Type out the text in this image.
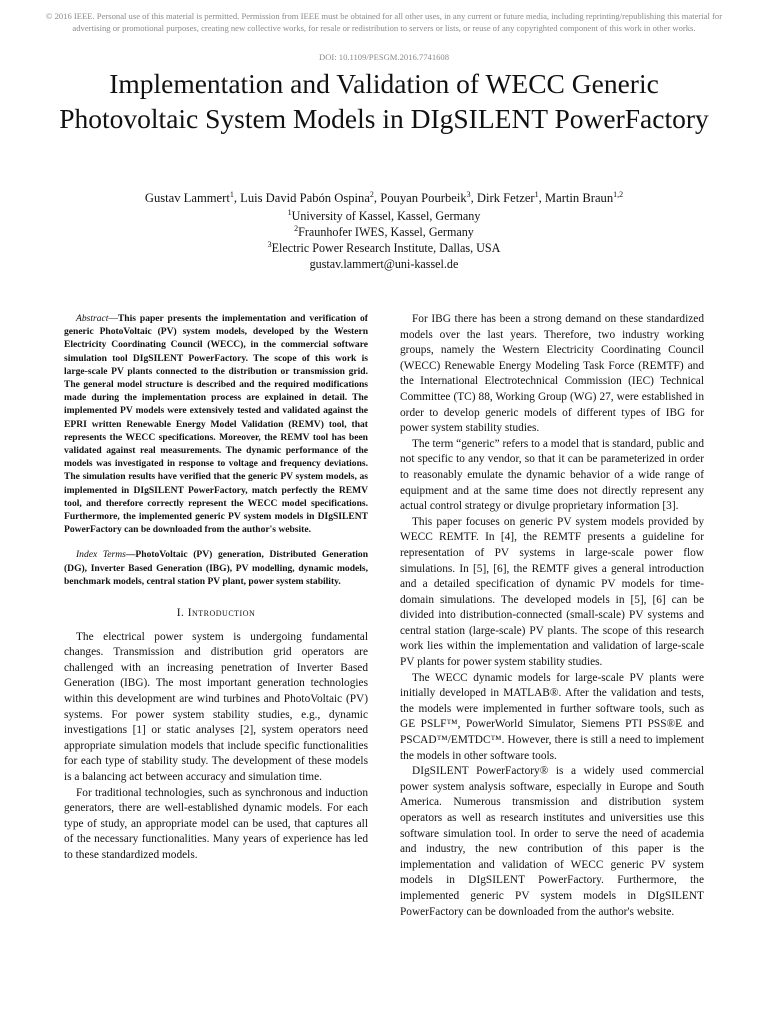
© 2016 IEEE. Personal use of this material is permitted. Permission from IEEE must be obtained for all other uses, in any current or future media, including reprinting/republishing this material for advertising or promotional purposes, creating new collective works, for resale or redistribution to servers or lists, or reuse of any copyrighted component of this work in other works.
DOI: 10.1109/PESGM.2016.7741608
Implementation and Validation of WECC Generic Photovoltaic System Models in DIgSILENT PowerFactory
Gustav Lammert$^1$, Luis David Pabón Ospina$^2$, Pouyan Pourbeik$^3$, Dirk Fetzer$^1$, Martin Braun$^{1,2}$
$^1$University of Kassel, Kassel, Germany
$^2$Fraunhofer IWES, Kassel, Germany
$^3$Electric Power Research Institute, Dallas, USA
gustav.lammert@uni-kassel.de

Abstract—This paper presents the implementation and verification of generic PhotoVoltaic (PV) system models, developed by the Western Electricity Coordinating Council (WECC), in the commercial software simulation tool DIgSILENT PowerFactory. The scope of this work is large-scale PV plants connected to the distribution or transmission grid. The general model structure is described and the required modifications made during the implementation process are explained in detail. The implemented PV models were extensively tested and validated against the EPRI written Renewable Energy Model Validation (REMV) tool, that represents the WECC specifications. Moreover, the REMV tool has been validated against real measurements. The dynamic performance of the models was investigated in response to voltage and frequency deviations. The simulation results have verified that the generic PV system models, as implemented in DIgSILENT PowerFactory, match perfectly the REMV tool, and therefore correctly represent the WECC model specifications. Furthermore, the implemented generic PV system models in DIgSILENT PowerFactory can be downloaded from the author's website.

Index Terms—PhotoVoltaic (PV) generation, Distributed Generation (DG), Inverter Based Generation (IBG), PV modelling, dynamic models, benchmark models, central station PV plant, power system stability.

I. Introduction

The electrical power system is undergoing fundamental changes. Transmission and distribution grid operators are challenged with an increasing penetration of Inverter Based Generation (IBG). The most important generation technologies within this development are wind turbines and PhotoVoltaic (PV) systems. For power system stability studies, e.g., dynamic investigations [1] or static analyses [2], system operators need appropriate simulation models that include specific functionalities for each type of stability study. The development of these models is a balancing act between accuracy and simulation time.

For traditional technologies, such as synchronous and induction generators, there are well-established dynamic models. For each type of study, an appropriate model can be used, that captures all of the necessary functionalities. Many years of experience has led to these standardized models.

For IBG there has been a strong demand on these standardized models over the last years. Therefore, two industry working groups, namely the Western Electricity Coordinating Council (WECC) Renewable Energy Modeling Task Force (REMTF) and the International Electrotechnical Commission (IEC) Technical Committee (TC) 88, Working Group (WG) 27, were established in order to develop generic models of different types of IBG for power system stability studies.

The term “generic” refers to a model that is standard, public and not specific to any vendor, so that it can be parameterized in order to reasonably emulate the dynamic behavior of a wide range of equipment and at the same time does not directly represent any actual control strategy or divulge proprietary information [3].

This paper focuses on generic PV system models provided by WECC REMTF. In [4], the REMTF presents a guideline for representation of PV systems in large-scale power flow simulations. In [5], [6], the REMTF gives a general introduction and a detailed specification of dynamic PV models for time-domain simulations. The developed models in [5], [6] can be divided into distribution-connected (small-scale) PV systems and central station (large-scale) PV plants. The scope of this research work lies within the implementation and validation of large-scale PV plants for power system stability studies.

The WECC dynamic models for large-scale PV plants were initially developed in MATLAB®. After the validation and tests, the models were implemented in further software tools, such as GE PSLF™, PowerWorld Simulator, Siemens PTI PSS®E and PSCAD™/EMTDC™. However, there is still a need to implement the models in other software tools.

DIgSILENT PowerFactory® is a widely used commercial power system analysis software, especially in Europe and South America. Numerous transmission and distribution system operators as well as research institutes and universities use this software simulation tool. In order to serve the need of academia and industry, the new contribution of this paper is the implementation and validation of WECC generic PV system models in DIgSILENT PowerFactory. Furthermore, the implemented generic PV system models in DIgSILENT PowerFactory can be downloaded from the author's website.
